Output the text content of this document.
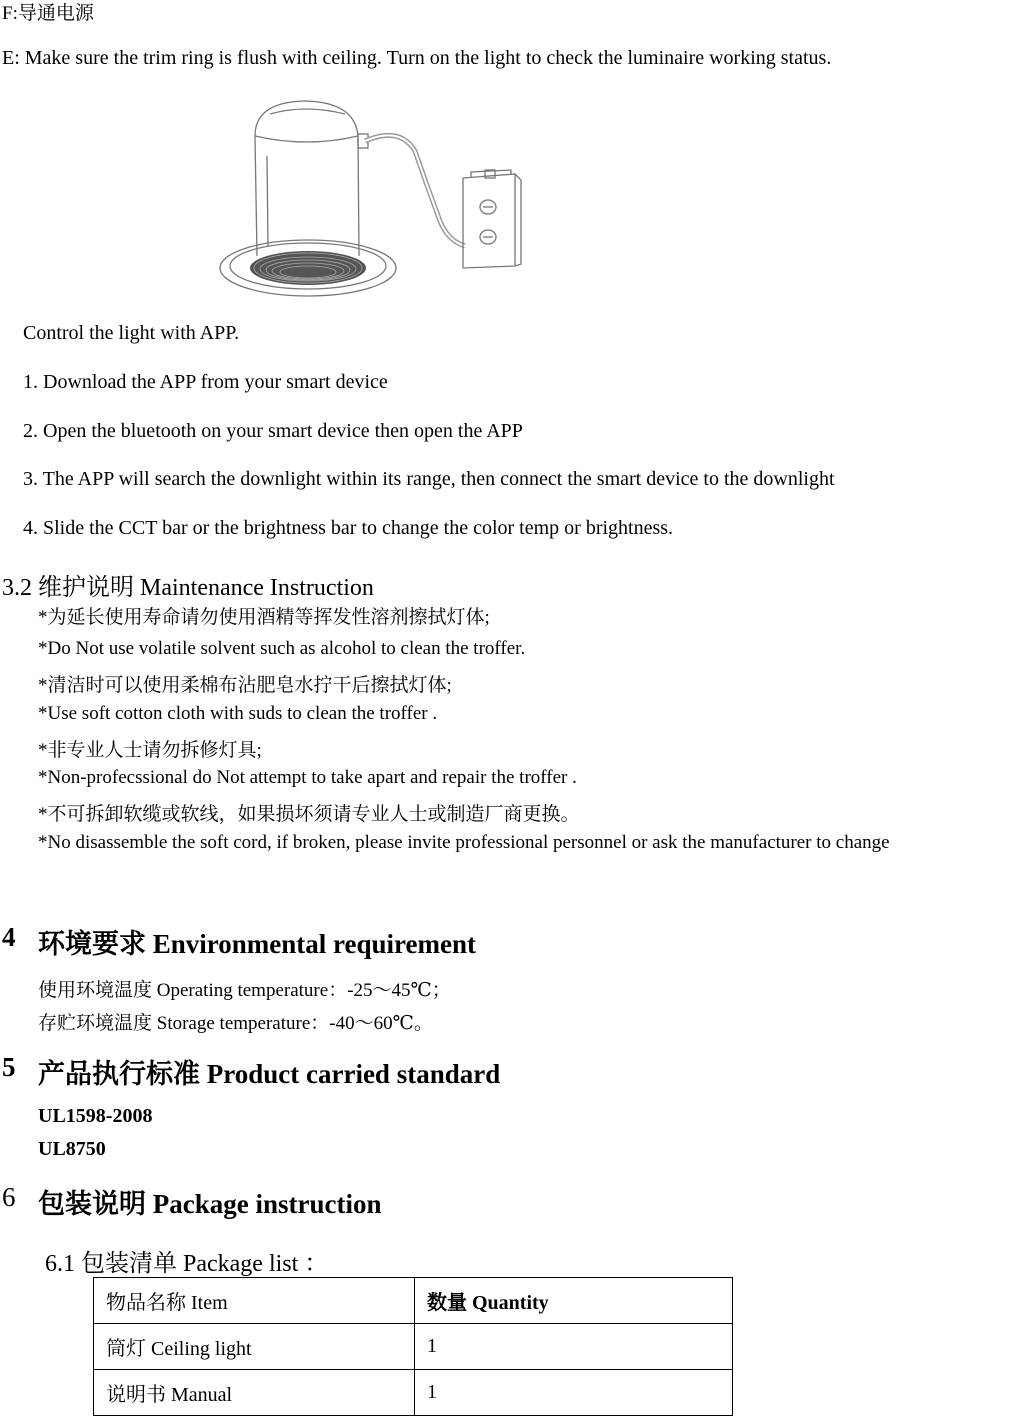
F:导通电源
E: Make sure the trim ring is flush with ceiling. Turn on the light to check the luminaire working status.
Control the light with APP.
1. Download the APP from your smart device
2. Open the bluetooth on your smart device then open the APP
3. The APP will search the downlight within its range, then connect the smart device to the downlight
4. Slide the CCT bar or the brightness bar to change the color temp or brightness.
3.2 维护说明 Maintenance Instruction
*为延长使用寿命请勿使用酒精等挥发性溶剂擦拭灯体;
*Do Not use volatile solvent such as alcohol to clean the troffer.
*清洁时可以使用柔棉布沾肥皂水拧干后擦拭灯体;
*Use soft cotton cloth with suds to clean the troffer .
*非专业人士请勿拆修灯具;
*Non-profecssional do Not attempt to take apart and repair the troffer .
*不可拆卸软缆或软线，如果损坏须请专业人士或制造厂商更换。
*No disassemble the soft cord, if broken, please invite professional personnel or ask the manufacturer to change
4 环境要求 Environmental requirement
使用环境温度 Operating temperature：-25～45℃；
存贮环境温度 Storage temperature：-40～60℃。
5 产品执行标准 Product carried standard
UL1598-2008
UL8750
6 包装说明 Package instruction
6.1 包装清单 Package list ：
物品名称 Item	数量 Quantity
筒灯 Ceiling light	1
说明书 Manual	1
